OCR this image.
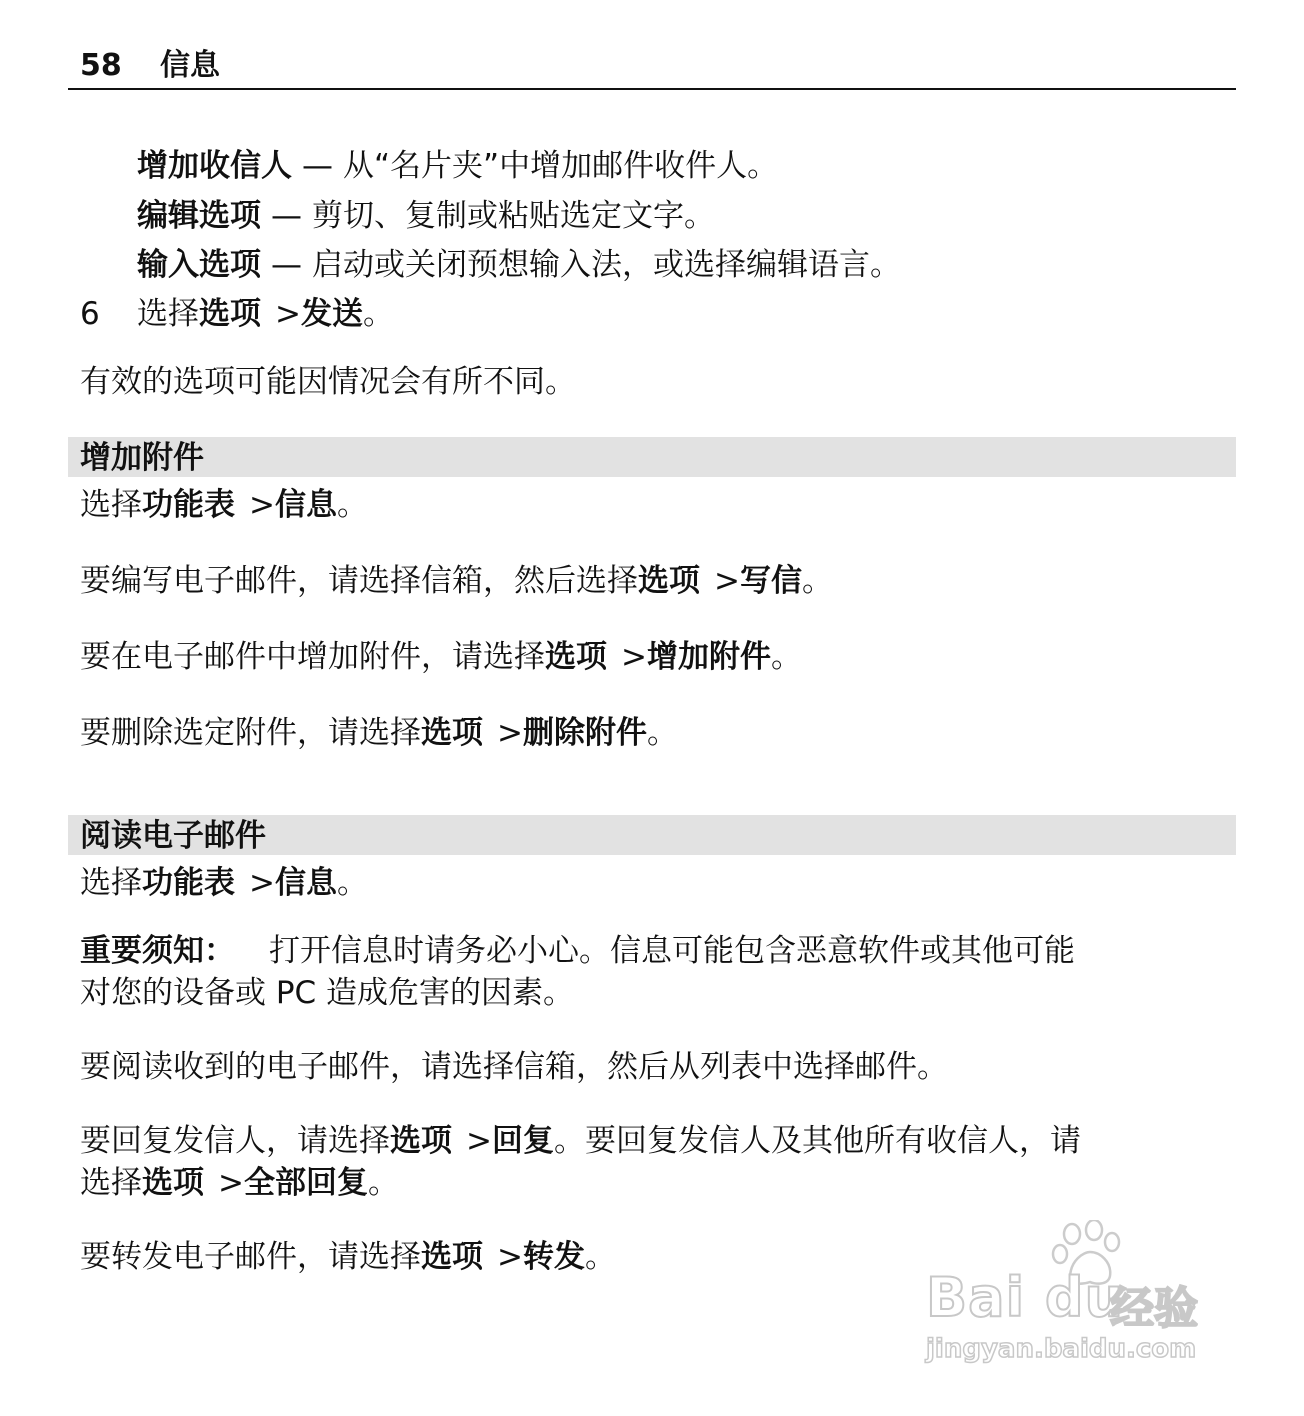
58 信息
增加收信人 — 从“名片夹”中增加邮件收件人。
编辑选项 — 剪切、复制或粘贴选定文字。
输入选项 — 启动或关闭预想输入法，或选择编辑语言。
6 选择选项 >发送。
有效的选项可能因情况会有所不同。
增加附件
选择功能表 >信息。
要编写电子邮件，请选择信箱，然后选择选项 >写信。
要在电子邮件中增加附件，请选择选项 >增加附件。
要删除选定附件，请选择选项 >删除附件。
阅读电子邮件
选择功能表 >信息。
重要须知： 打开信息时请务必小心。信息可能包含恶意软件或其他可能
对您的设备或 PC 造成危害的因素。
要阅读收到的电子邮件，请选择信箱，然后从列表中选择邮件。
要回复发信人，请选择选项 >回复。要回复发信人及其他所有收信人，请
选择选项 >全部回复。
要转发电子邮件，请选择选项 >转发。
Bai du
经验
jingyan.baidu.com
